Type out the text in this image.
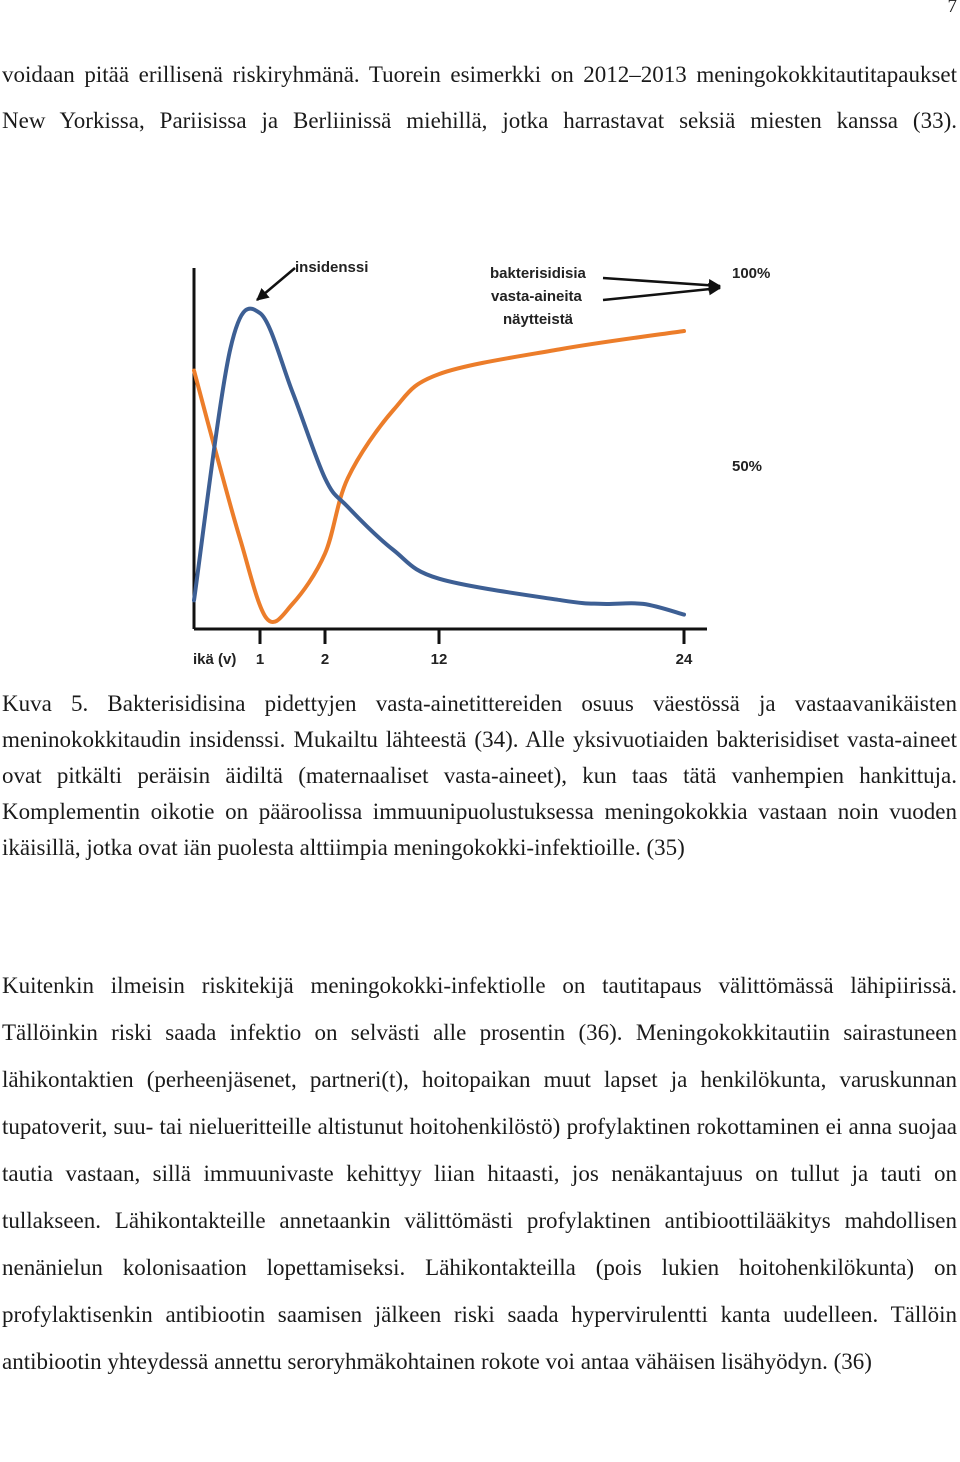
7

voidaan pitää erillisenä riskiryhmänä. Tuorein esimerkki on 2012–2013 meningokokkitautitapaukset New Yorkissa, Pariisissa ja Berliinissä miehillä, jotka harrastavat seksiä miesten kanssa (33).

insidenssi	bakterisidisia
vasta-aineita
näytteistä
100%
50%
ikä (v) 1	2	12	24

Kuva 5. Bakterisidisina pidettyjen vasta-ainetittereiden osuus väestössä ja vastaavanikäisten meninokokkitaudin insidenssi. Mukailtu lähteestä (34). Alle yksivuotiaiden bakterisidiset vasta-aineet ovat pitkälti peräisin äidiltä (maternaaliset vasta-aineet), kun taas tätä vanhempien hankittuja. Komplementin oikotie on pääroolissa immuunipuolustuksessa meningokokkia vastaan noin vuoden ikäisillä, jotka ovat iän puolesta alttiimpia meningokokki-infektioille. (35)

Kuitenkin ilmeisin riskitekijä meningokokki-infektiolle on tautitapaus välittömässä lähipiirissä. Tällöinkin riski saada infektio on selvästi alle prosentin (36). Meningokokkitautiin sairastuneen lähikontaktien (perheenjäsenet, partneri(t), hoitopaikan muut lapset ja henkilökunta, varuskunnan tupatoverit, suu- tai nielueritteille altistunut hoitohenkilöstö) profylaktinen rokottaminen ei anna suojaa tautia vastaan, sillä immuunivaste kehittyy liian hitaasti, jos nenäkantajuus on tullut ja tauti on tullakseen. Lähikontakteille annetaankin välittömästi profylaktinen antibioottilääkitys mahdollisen nenänielun kolonisaation lopettamiseksi. Lähikontakteilla (pois lukien hoitohenkilökunta) on profylaktisenkin antibiootin saamisen jälkeen riski saada hypervirulentti kanta uudelleen. Tällöin antibiootin yhteydessä annettu seroryhmäkohtainen rokote voi antaa vähäisen lisähyödyn. (36)
